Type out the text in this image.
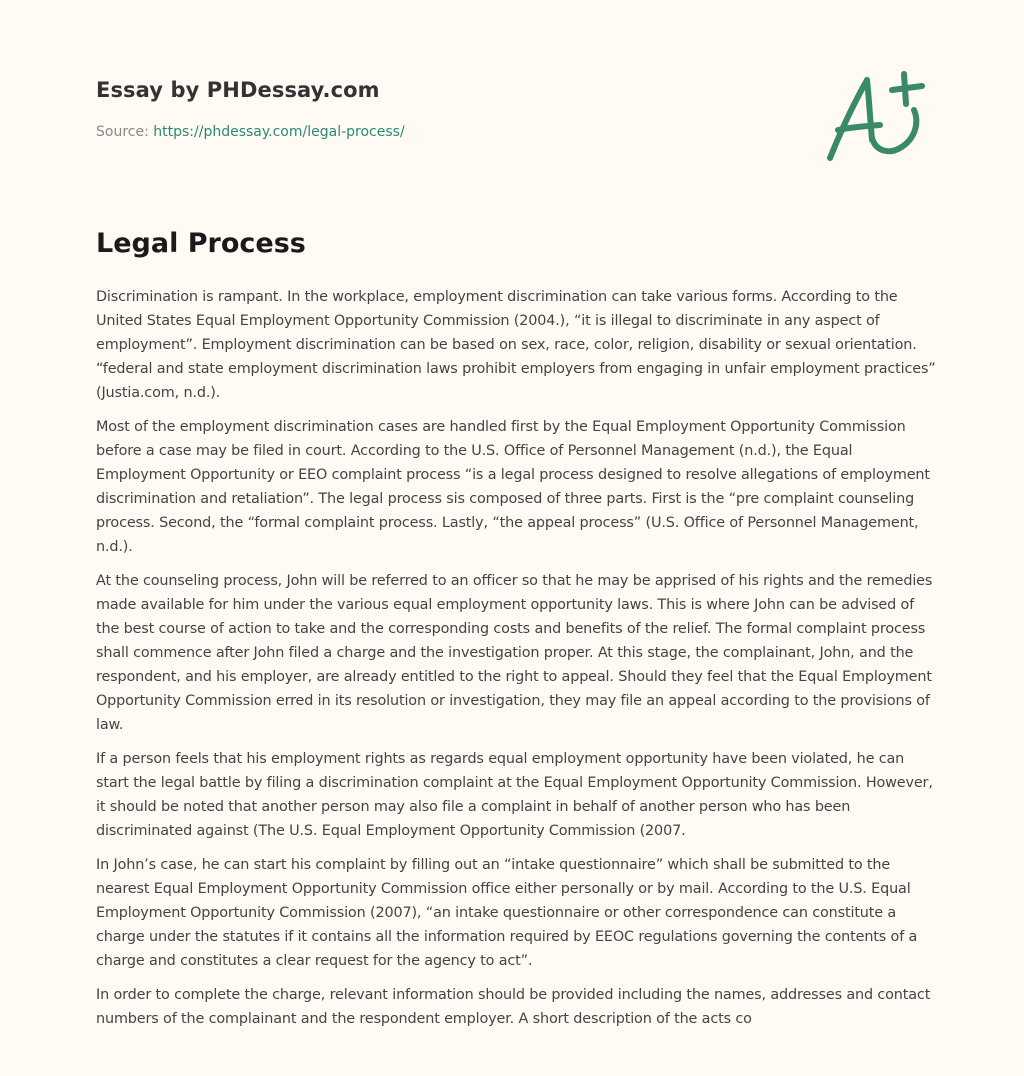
Essay by PHDessay.com
Source: https://phdessay.com/legal-process/
Legal Process

Discrimination is rampant. In the workplace, employment discrimination can take various forms. According to the United States Equal Employment Opportunity Commission (2004.), “it is illegal to discriminate in any aspect of employment”. Employment discrimination can be based on sex, race, color, religion, disability or sexual orientation. “federal and state employment discrimination laws prohibit employers from engaging in unfair employment practices” (Justia.com, n.d.).

Most of the employment discrimination cases are handled first by the Equal Employment Opportunity Commission before a case may be filed in court. According to the U.S. Office of Personnel Management (n.d.), the Equal Employment Opportunity or EEO complaint process “is a legal process designed to resolve allegations of employment discrimination and retaliation”. The legal process sis composed of three parts. First is the “pre complaint counseling process. Second, the “formal complaint process. Lastly, “the appeal process” (U.S. Office of Personnel Management, n.d.).

At the counseling process, John will be referred to an officer so that he may be apprised of his rights and the remedies made available for him under the various equal employment opportunity laws. This is where John can be advised of the best course of action to take and the corresponding costs and benefits of the relief. The formal complaint process shall commence after John filed a charge and the investigation proper. At this stage, the complainant, John, and the respondent, and his employer, are already entitled to the right to appeal. Should they feel that the Equal Employment Opportunity Commission erred in its resolution or investigation, they may file an appeal according to the provisions of law.

If a person feels that his employment rights as regards equal employment opportunity have been violated, he can start the legal battle by filing a discrimination complaint at the Equal Employment Opportunity Commission. However, it should be noted that another person may also file a complaint in behalf of another person who has been discriminated against (The U.S. Equal Employment Opportunity Commission (2007.

In John’s case, he can start his complaint by filling out an “intake questionnaire” which shall be submitted to the nearest Equal Employment Opportunity Commission office either personally or by mail. According to the U.S. Equal Employment Opportunity Commission (2007), “an intake questionnaire or other correspondence can constitute a charge under the statutes if it contains all the information required by EEOC regulations governing the contents of a charge and constitutes a clear request for the agency to act”.

In order to complete the charge, relevant information should be provided including the names, addresses and contact numbers of the complainant and the respondent employer. A short description of the acts co
